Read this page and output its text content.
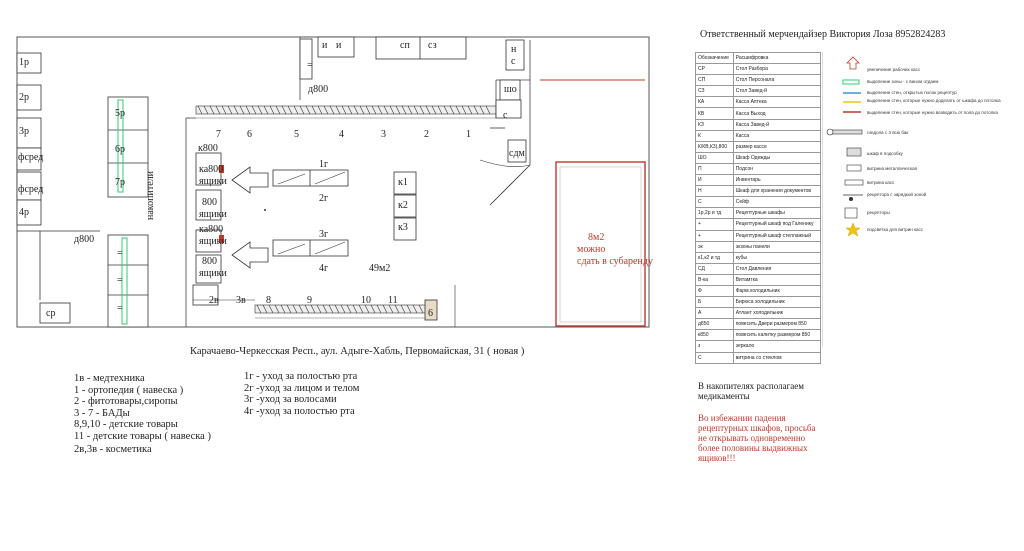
1р
2р
3р
фсред
фсред
4р
д800
ср
5р
6р
7р
=
=
=
=
и и	сп сз	н
с
шо
с
сдм
д800
7	6	5	4	3	2	1
к800
ка800
ящики
800
ящики
ка800
ящики
800
ящики
накопители
1г
2г
3г
4г
к1
к2
к3
49м2
2в 3в 8	9	10 11
6
8м2
можно
сдать в субаренду
Карачаево-Черкесская Респ., аул. Адыге-Хабль, Первомайская, 31 ( новая )
1в - медтехника
1 - ортопедия ( навеска )
2 - фитотовары,сиропы
3 - 7 - БАДы
8,9,10 - детские товары
11 - детские товары ( навеска )
2в,3в - косметика
1г - уход за полостью рта
2г -уход за лицом и телом
3г -уход за волосами
4г -уход за полостью рта
Ответственный мерчендайзер Виктория Лоза 8952824283
Обозначение	Расшифровка
СР	Стол Разбора
СП	Стол Персонала
СЗ	Стол Завед-й
КА	Касса Аптека
КВ	Касса Выход
КЗ	Касса Завед-й
К	Касса
К/КВ,К3),800	размер кассе
ШО	Шкаф Одежды
П	Подсон
И	Инвентарь
Н	Шкаф для хранения документов
С	Сейф
1р,2р и тд	Рецептурные шкафы
+	Рецептурный шкаф под Галенику
+	Рецептурный шкаф стеллажный
эк	экзоны панели
к1,к2 и тд	кубы
СД	Стол Давления
В-ка	Витамтка
Ф	Фарм.холодильник
Б	Бирюса холодильник
А	Атлант холодильник
д850	повесить Двери размером 850
к850	повесить калитку размером 850
з	зеркало
С	витрина со стеклом
увеличение рабочих касс
выделение зоны - с вином отдаем
выделение стен, открытых полок рецептур
выделение стен, которые нужно доделать от шкафа до потолка
выделение стен, которые нужно возводить от пола до потолка
гондола с 3 всю бак
шкаф в подсобку
витрина металлическая
витрина касс
рецептора с зарядкой зоной
рецепторы
подсветка для витрин касс
В накопителях располагаем
медикаменты
Во избежании падения
рецептурных шкафов, просьба
не открывать одновременно
более половины выдвижных
ящиков!!!
